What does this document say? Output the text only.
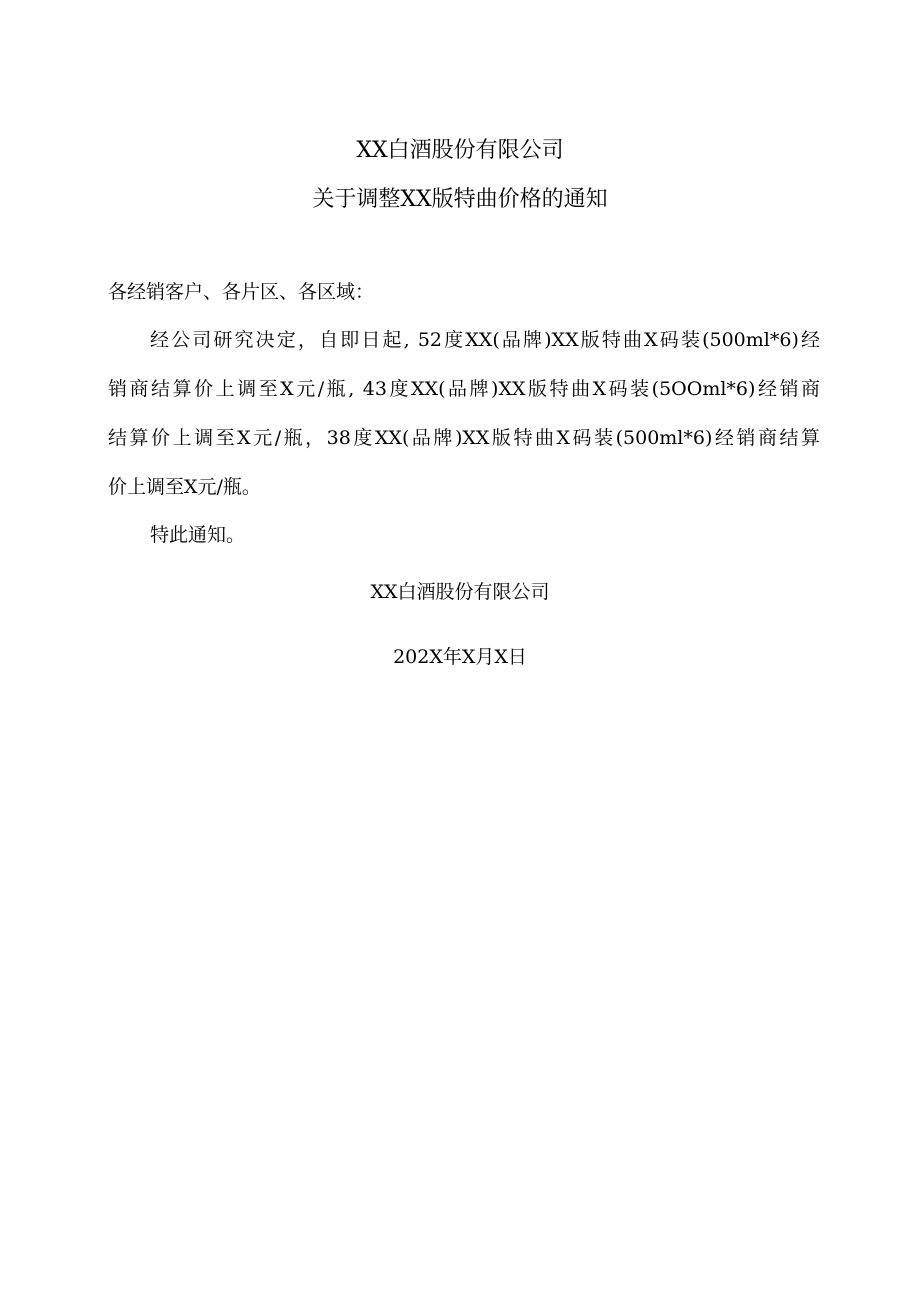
XX白酒股份有限公司
关于调整XX版特曲价格的通知
各经销客户、各片区、各区域：
经公司研究决定，自即日起, 52度XX(品牌)XX版特曲X码装(500ml*6)经
销商结算价上调至X元/瓶, 43度XX(品牌)XX版特曲X码装(5OOml*6)经销商
结算价上调至X元/瓶，38度XX(品牌)XX版特曲X码装(500ml*6)经销商结算
价上调至X元/瓶。
特此通知。
XX白酒股份有限公司
202X年X月X日
